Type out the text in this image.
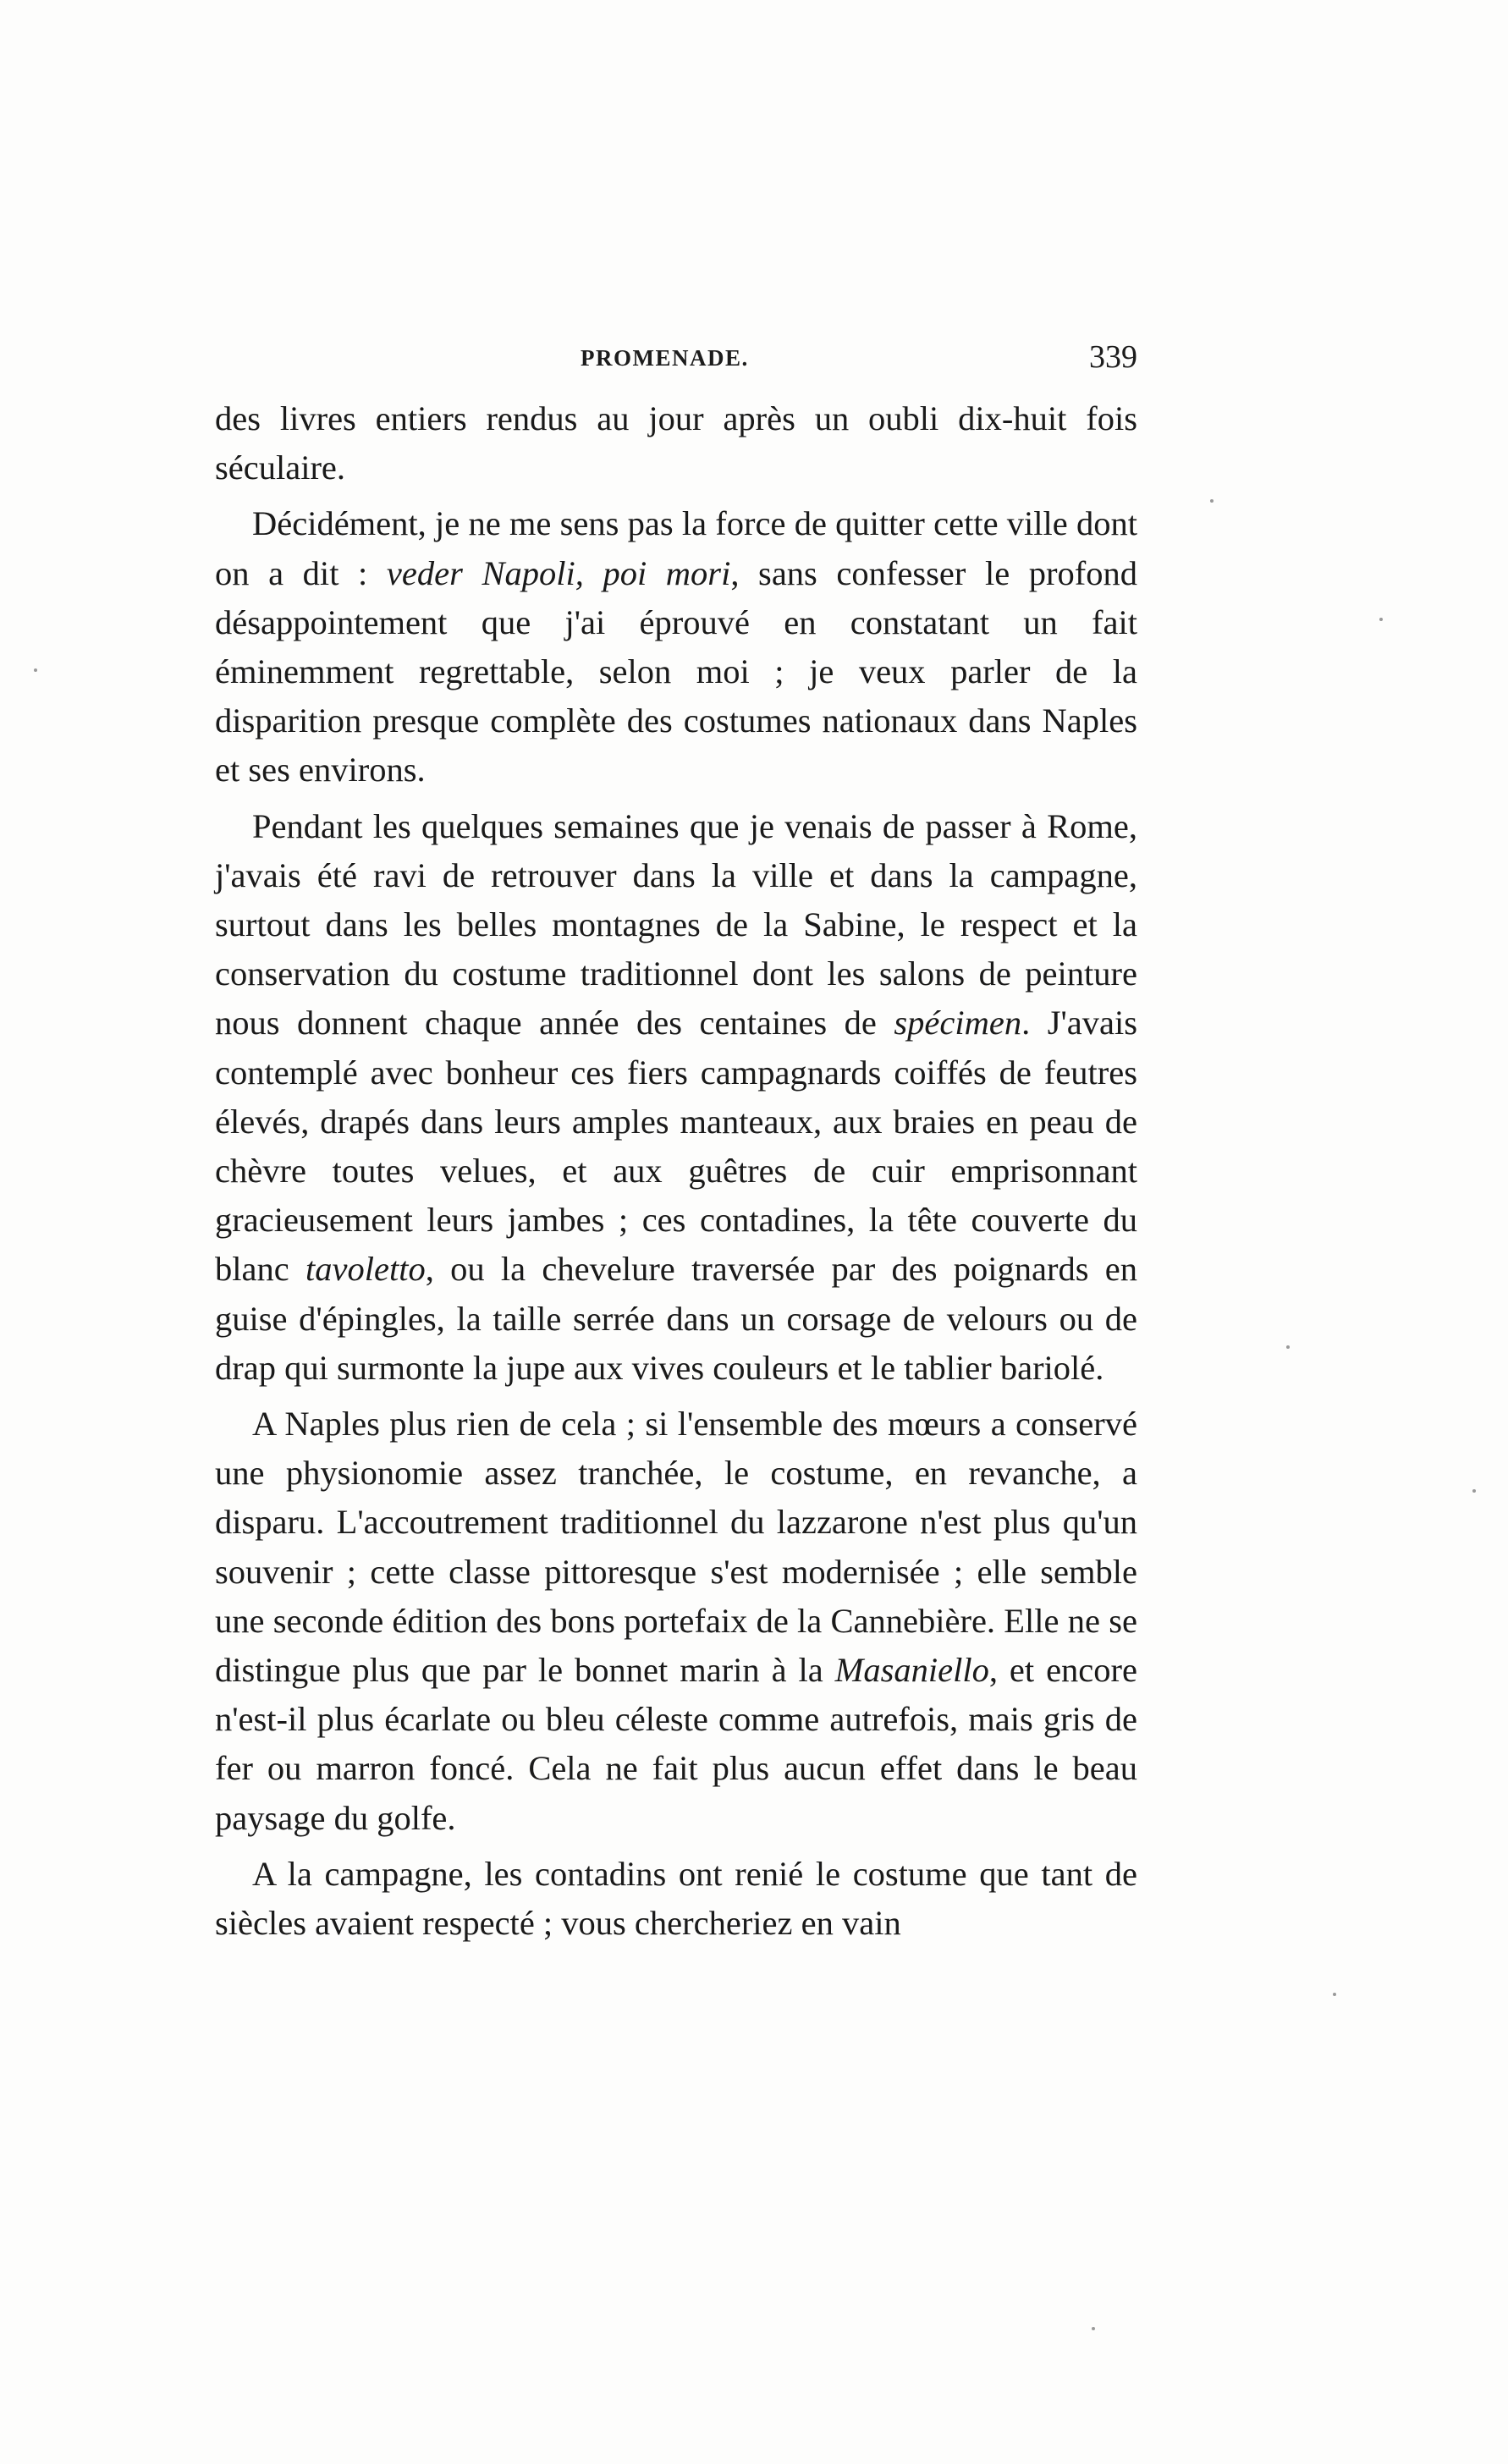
PROMENADE.	339

des livres entiers rendus au jour après un oubli dix-huit fois séculaire.

Décidément, je ne me sens pas la force de quitter cette ville dont on a dit : veder Napoli, poi mori, sans confesser le profond désappointement que j'ai éprouvé en constatant un fait éminemment regrettable, selon moi ; je veux parler de la disparition presque complète des costumes nationaux dans Naples et ses environs.

Pendant les quelques semaines que je venais de passer à Rome, j'avais été ravi de retrouver dans la ville et dans la campagne, surtout dans les belles montagnes de la Sabine, le respect et la conservation du costume traditionnel dont les salons de peinture nous donnent chaque année des centaines de spécimen. J'avais contemplé avec bonheur ces fiers campagnards coiffés de feutres élevés, drapés dans leurs amples manteaux, aux braies en peau de chèvre toutes velues, et aux guêtres de cuir emprisonnant gracieusement leurs jambes ; ces contadines, la tête couverte du blanc tavoletto, ou la chevelure traversée par des poignards en guise d'épingles, la taille serrée dans un corsage de velours ou de drap qui surmonte la jupe aux vives couleurs et le tablier bariolé.

A Naples plus rien de cela ; si l'ensemble des mœurs a conservé une physionomie assez tranchée, le costume, en revanche, a disparu. L'accoutrement traditionnel du lazzarone n'est plus qu'un souvenir ; cette classe pittoresque s'est modernisée ; elle semble une seconde édition des bons portefaix de la Cannebière. Elle ne se distingue plus que par le bonnet marin à la Masaniello, et encore n'est-il plus écarlate ou bleu céleste comme autrefois, mais gris de fer ou marron foncé. Cela ne fait plus aucun effet dans le beau paysage du golfe.

A la campagne, les contadins ont renié le costume que tant de siècles avaient respecté ; vous chercheriez en vain
